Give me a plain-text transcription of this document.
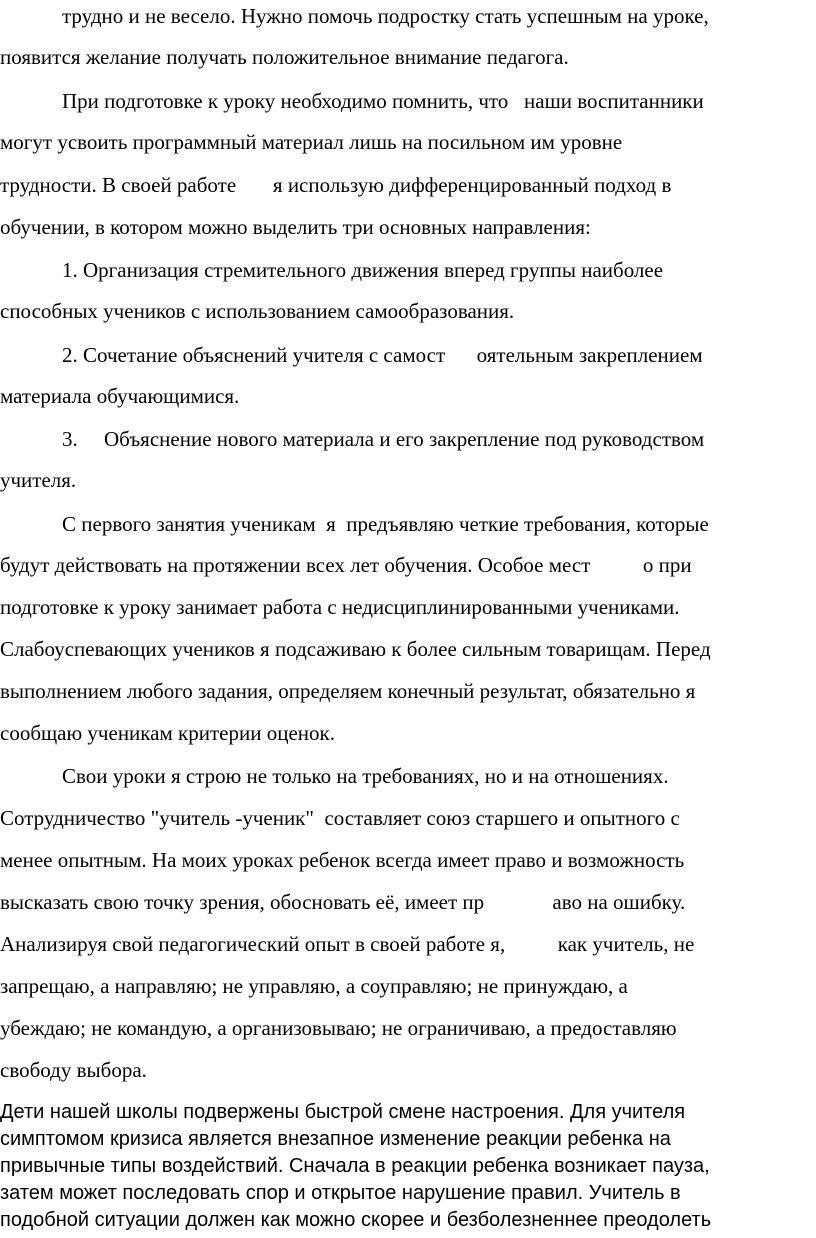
трудно и не весело. Нужно помочь подростку стать успешным на уроке,
появится желание получать положительное внимание педагога.
При подготовке к уроку необходимо помнить, что   наши воспитанники
могут усвоить программный материал лишь на посильном им уровне
трудности. В своей работе       я использую дифференцированный подход в
обучении, в котором можно выделить три основных направления:
1. Организация стремительного движения вперед группы наиболее
способных учеников с использованием самообразования.
2. Сочетание объяснений учителя с самост      оятельным закреплением
материала обучающимися.
3.     Объяснение нового материала и его закрепление под руководством
учителя.
С первого занятия ученикам  я  предъявляю четкие требования, которые
будут действовать на протяжении всех лет обучения. Особое мест          о при
подготовке к уроку занимает работа с недисциплинированными учениками.
Слабоуспевающих учеников я подсаживаю к более сильным товарищам. Перед
выполнением любого задания, определяем конечный результат, обязательно я
сообщаю ученикам критерии оценок.
Свои уроки я строю не только на требованиях, но и на отношениях.
Сотрудничество "учитель -ученик"  составляет союз старшего и опытного с
менее опытным. На моих уроках ребенок всегда имеет право и возможность
высказать свою точку зрения, обосновать её, имеет пр             аво на ошибку.
Анализируя свой педагогический опыт в своей работе я,          как учитель, не
запрещаю, а направляю; не управляю, а соуправляю; не принуждаю, а
убеждаю; не командую, а организовываю; не ограничиваю, а предоставляю
свободу выбора.
Дети нашей школы подвержены быстрой смене настроения. Для учителя
симптомом кризиса является внезапное изменение реакции ребенка на
привычные типы воздействий. Сначала в реакции ребенка возникает пауза,
затем может последовать спор и открытое нарушение правил. Учитель в
подобной ситуации должен как можно скорее и безболезненнее преодолеть
